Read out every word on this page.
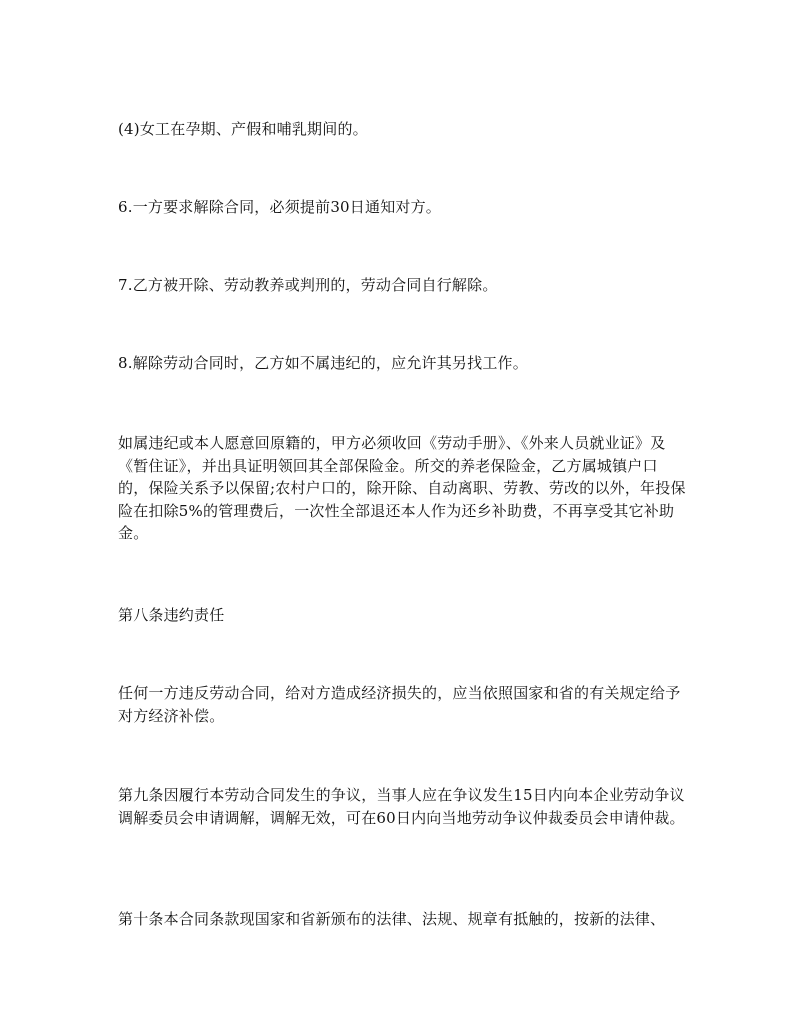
(4)女工在孕期、产假和哺乳期间的。

6.一方要求解除合同，必须提前30日通知对方。

7.乙方被开除、劳动教养或判刑的，劳动合同自行解除。

8.解除劳动合同时，乙方如不属违纪的，应允许其另找工作。

如属违纪或本人愿意回原籍的，甲方必须收回《劳动手册》、《外来人员就业证》及《暂住证》，并出具证明领回其全部保险金。所交的养老保险金，乙方属城镇户口的，保险关系予以保留;农村户口的，除开除、自动离职、劳教、劳改的以外，年投保险在扣除5%的管理费后，一次性全部退还本人作为还乡补助费，不再享受其它补助金。

第八条违约责任

任何一方违反劳动合同，给对方造成经济损失的，应当依照国家和省的有关规定给予对方经济补偿。

第九条因履行本劳动合同发生的争议，当事人应在争议发生15日内向本企业劳动争议调解委员会申请调解，调解无效，可在60日内向当地劳动争议仲裁委员会申请仲裁。

第十条本合同条款现国家和省新颁布的法律、法规、规章有抵触的，按新的法律、
